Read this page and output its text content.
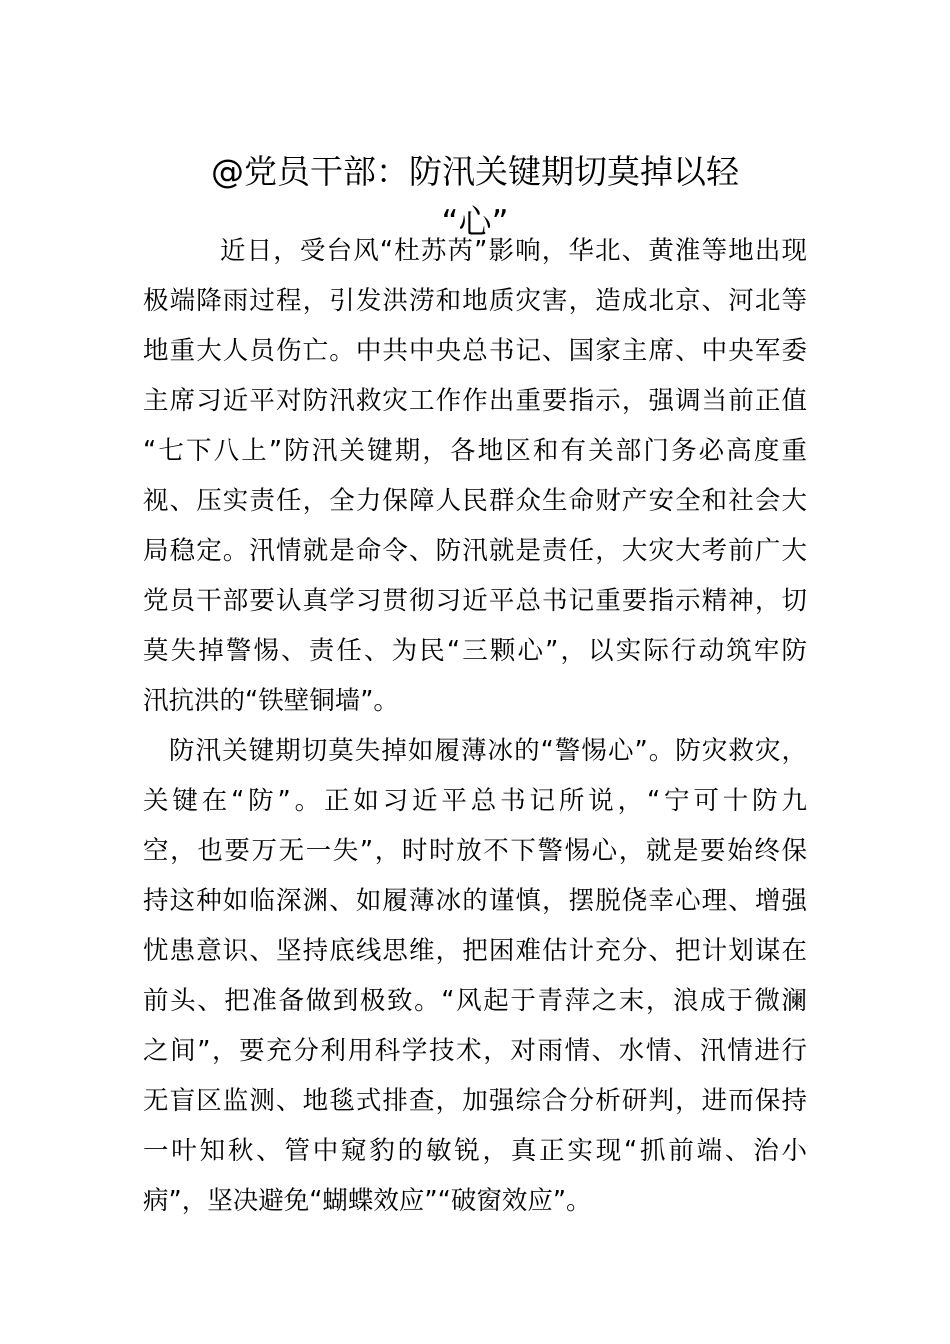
@党员干部：防汛关键期切莫掉以轻
“心”
近日，受台风“杜苏芮”影响，华北、黄淮等地出现
极端降雨过程，引发洪涝和地质灾害，造成北京、河北等
地重大人员伤亡。中共中央总书记、国家主席、中央军委
主席习近平对防汛救灾工作作出重要指示，强调当前正值
“七下八上”防汛关键期，各地区和有关部门务必高度重
视、压实责任，全力保障人民群众生命财产安全和社会大
局稳定。汛情就是命令、防汛就是责任，大灾大考前广大
党员干部要认真学习贯彻习近平总书记重要指示精神，切
莫失掉警惕、责任、为民“三颗心”，以实际行动筑牢防
汛抗洪的“铁壁铜墙”。
防汛关键期切莫失掉如履薄冰的“警惕心”。防灾救灾，
关键在“防”。正如习近平总书记所说，“宁可十防九
空，也要万无一失”，时时放不下警惕心，就是要始终保
持这种如临深渊、如履薄冰的谨慎，摆脱侥幸心理、增强
忧患意识、坚持底线思维，把困难估计充分、把计划谋在
前头、把准备做到极致。“风起于青萍之末，浪成于微澜
之间”，要充分利用科学技术，对雨情、水情、汛情进行
无盲区监测、地毯式排查，加强综合分析研判，进而保持
一叶知秋、管中窥豹的敏锐，真正实现“抓前端、治小
病”，坚决避免“蝴蝶效应”“破窗效应”。
